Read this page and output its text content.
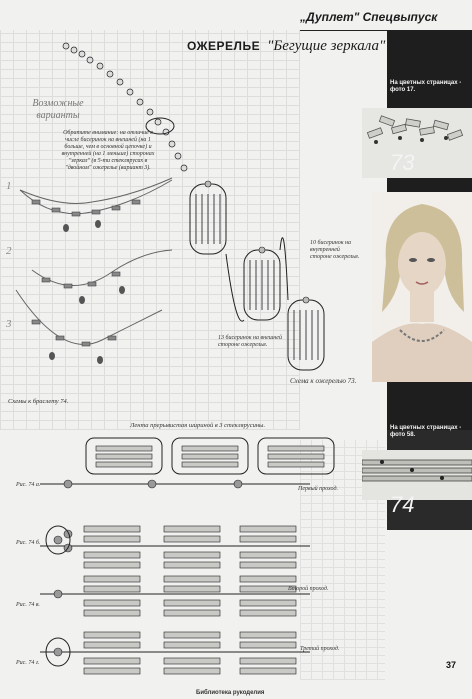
„Дуплет" Спецвыпуск
ОЖЕРЕЛЬЕ "Бегущие зеркала"
На цветных страницах - фото 17.
73
На цветных страницах - фото 58.
74
Возможные
варианты
Обратите внимание: на отличие в числе бисеринок на внешней (на 1 больше, чем в основной цепочке) и внутренней (на 1 меньше) сторонах "зеркал" (в 5-ти стеклярусах в "двойном" ожерелье (вариант 3).
1
2
3
10 бисеринок на внутренней стороне ожерелья.
13 бисеринок на внешней стороне ожерелья.
Схема к ожерелью 73.
Схемы к браслету 74.
Лента прерывистая шириной в 3 стеклярусины.
Рис. 74 а.
Рис. 74 б.
Рис. 74 в.
Рис. 74 г.
Первый проход.
Второй проход.
Третий проход.
37
Библиотека рукоделия
